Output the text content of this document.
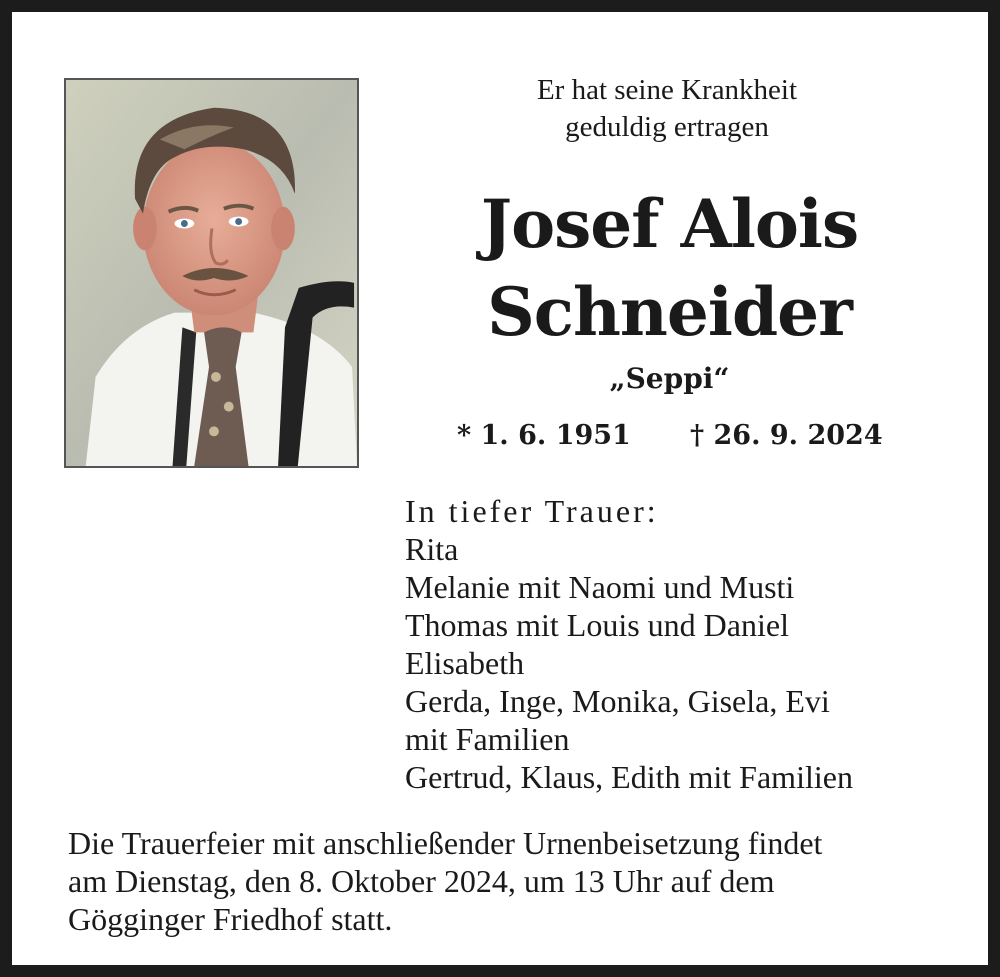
Er hat seine Krankheit
geduldig ertragen
Josef Alois
Schneider
„Seppi“
* 1. 6. 1951 † 26. 9. 2024
In tiefer Trauer:
Rita
Melanie mit Naomi und Musti
Thomas mit Louis und Daniel
Elisabeth
Gerda, Inge, Monika, Gisela, Evi
mit Familien
Gertrud, Klaus, Edith mit Familien
Die Trauerfeier mit anschließender Urnenbeisetzung findet
am Dienstag, den 8. Oktober 2024, um 13 Uhr auf dem
Gögginger Friedhof statt.
